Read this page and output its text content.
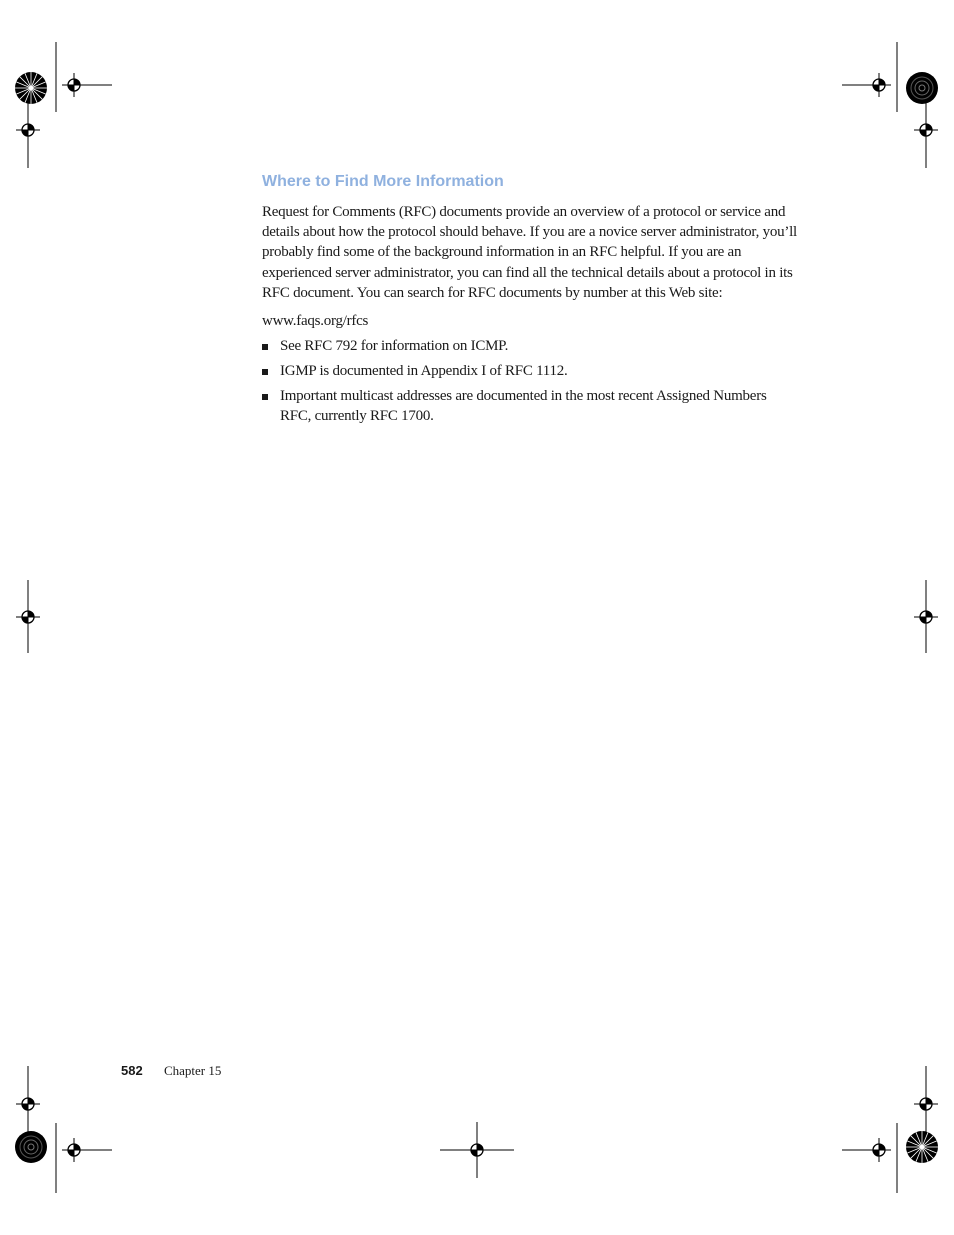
Where to Find More Information

Request for Comments (RFC) documents provide an overview of a protocol or service and details about how the protocol should behave. If you are a novice server administrator, you’ll probably find some of the background information in an RFC helpful. If you are an experienced server administrator, you can find all the technical details about a protocol in its RFC document. You can search for RFC documents by number at this Web site:

www.faqs.org/rfcs

See RFC 792 for information on ICMP.
IGMP is documented in Appendix I of RFC 1112.
Important multicast addresses are documented in the most recent Assigned Numbers RFC, currently RFC 1700.
582 Chapter 15
